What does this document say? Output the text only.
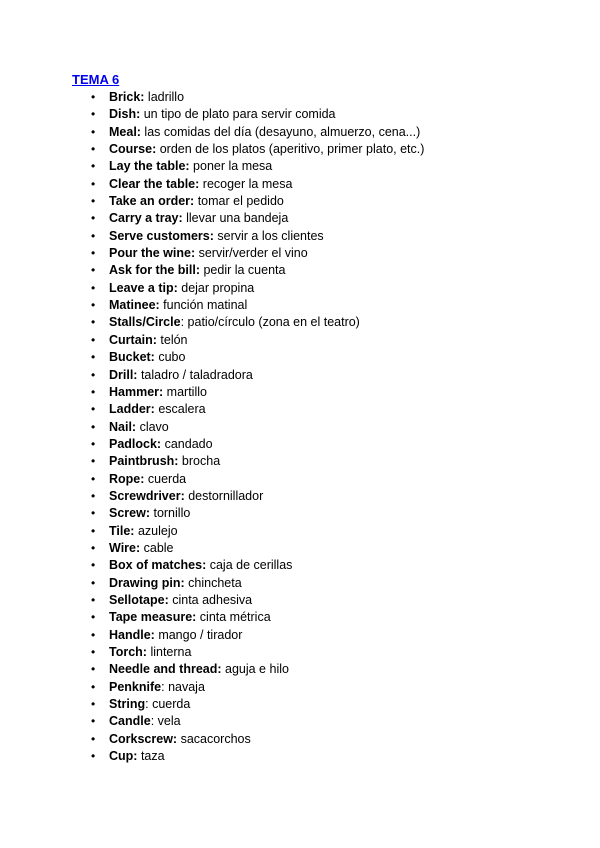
TEMA 6
• Brick: ladrillo
• Dish: un tipo de plato para servir comida
• Meal: las comidas del día (desayuno, almuerzo, cena...)
• Course: orden de los platos (aperitivo, primer plato, etc.)
• Lay the table: poner la mesa
• Clear the table: recoger la mesa
• Take an order: tomar el pedido
• Carry a tray: llevar una bandeja
• Serve customers: servir a los clientes
• Pour the wine: servir/verder el vino
• Ask for the bill: pedir la cuenta
• Leave a tip: dejar propina
• Matinee: función matinal
• Stalls/Circle: patio/círculo (zona en el teatro)
• Curtain: telón
• Bucket: cubo
• Drill: taladro / taladradora
• Hammer: martillo
• Ladder: escalera
• Nail: clavo
• Padlock: candado
• Paintbrush: brocha
• Rope: cuerda
• Screwdriver: destornillador
• Screw: tornillo
• Tile: azulejo
• Wire: cable
• Box of matches: caja de cerillas
• Drawing pin: chincheta
• Sellotape: cinta adhesiva
• Tape measure: cinta métrica
• Handle: mango / tirador
• Torch: linterna
• Needle and thread: aguja e hilo
• Penknife: navaja
• String: cuerda
• Candle: vela
• Corkscrew: sacacorchos
• Cup: taza
